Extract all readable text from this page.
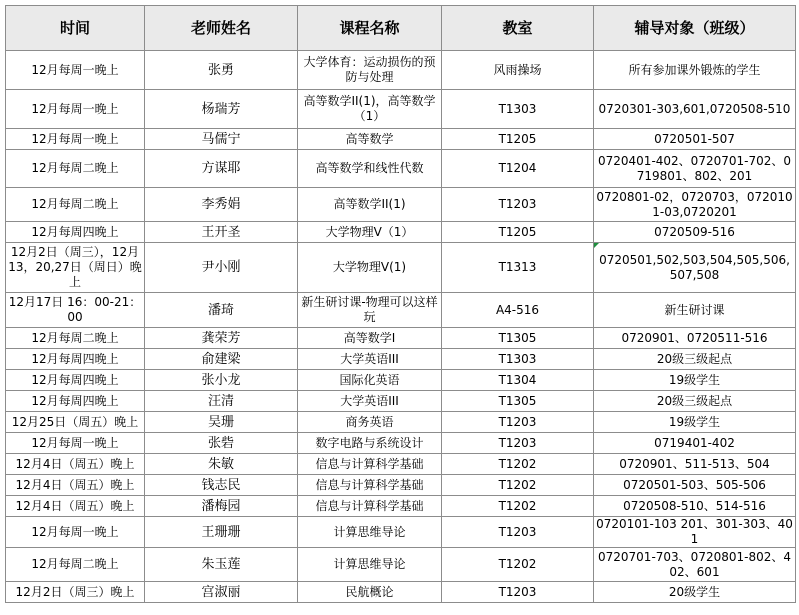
时间	老师姓名	课程名称	教室	辅导对象（班级）
12月每周一晚上	张勇	大学体育：运动损伤的预防与处理	风雨操场	所有参加课外锻炼的学生
12月每周一晚上	杨瑞芳	高等数学II(1)，高等数学（1）	T1303	0720301-303,601,0720508-510
12月每周一晚上	马儒宁	高等数学	T1205	0720501-507
12月每周二晚上	方谋耶	高等数学和线性代数	T1204	0720401-402、0720701-702、0719801、802、201
12月每周二晚上	李秀娟	高等数学II(1)	T1203	0720801-02，0720703，0720101-03,0720201
12月每周四晚上	王开圣	大学物理V（1）	T1205	0720509-516
12月2日（周三），12月13，20,27日（周日）晚上	尹小刚	大学物理V(1)	T1313	0720501,502,503,504,505,506,507,508
12月17日 16：00-21：00	潘琦	新生研讨课-物理可以这样玩	A4-516	新生研讨课
12月每周二晚上	龚荣芳	高等数学I	T1305	0720901、0720511-516
12月每周四晚上	俞建梁	大学英语III	T1303	20级三级起点
12月每周四晚上	张小龙	国际化英语	T1304	19级学生
12月每周四晚上	汪清	大学英语III	T1305	20级三级起点
12月25日（周五）晚上	吴珊	商务英语	T1203	19级学生
12月每周一晚上	张砦	数字电路与系统设计	T1203	0719401-402
12月4日（周五）晚上	朱敏	信息与计算科学基础	T1202	0720901、511-513、504
12月4日（周五）晚上	钱志民	信息与计算科学基础	T1202	0720501-503、505-506
12月4日（周五）晚上	潘梅园	信息与计算科学基础	T1202	0720508-510、514-516
12月每周一晚上	王珊珊	计算思维导论	T1203	0720101-103 201、301-303、401
12月每周二晚上	朱玉莲	计算思维导论	T1202	0720701-703、0720801-802、402、601
12月2日（周三）晚上	宫淑丽	民航概论	T1203	20级学生
